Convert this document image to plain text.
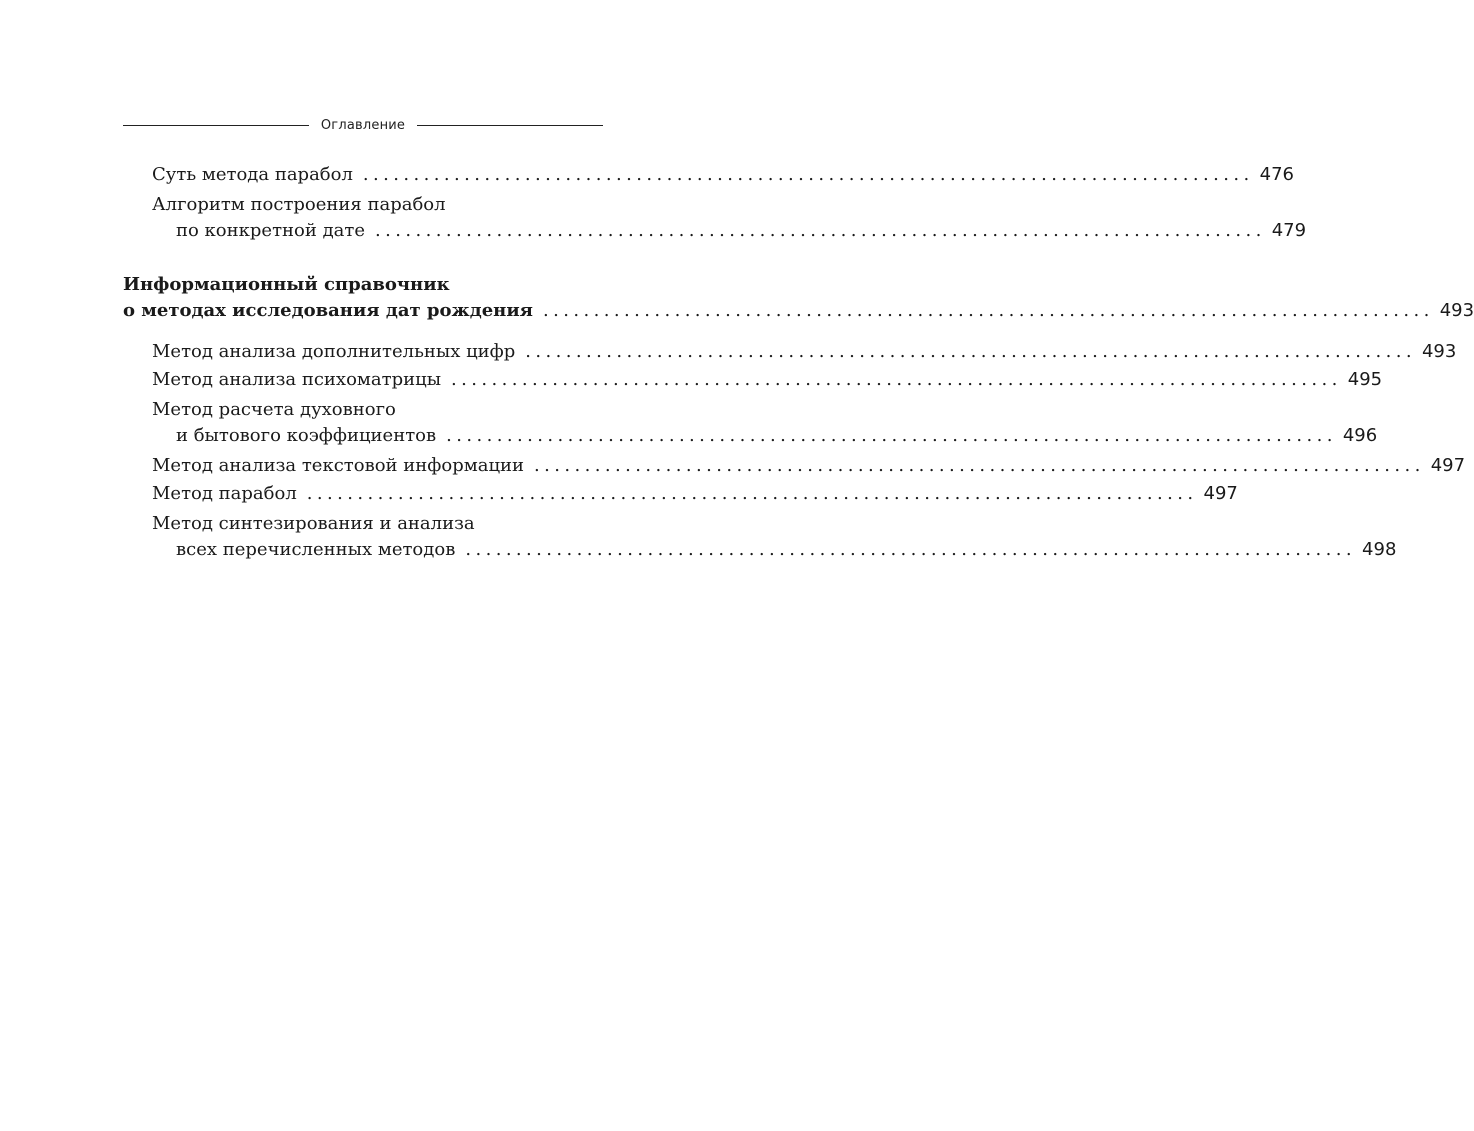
Оглавление
Суть метода парабол ........................................................................................ 476
Алгоритм построения парабол
по конкретной дате ........................................................................................ 479
Информационный справочник
о методах исследования дат рождения ........................................................................................ 493
Метод анализа дополнительных цифр ........................................................................................ 493
Метод анализа психоматрицы ........................................................................................ 495
Метод расчета духовного
и бытового коэффициентов ........................................................................................ 496
Метод анализа текстовой информации ........................................................................................ 497
Метод парабол ........................................................................................ 497
Метод синтезирования и анализа
всех перечисленных методов ........................................................................................ 498
